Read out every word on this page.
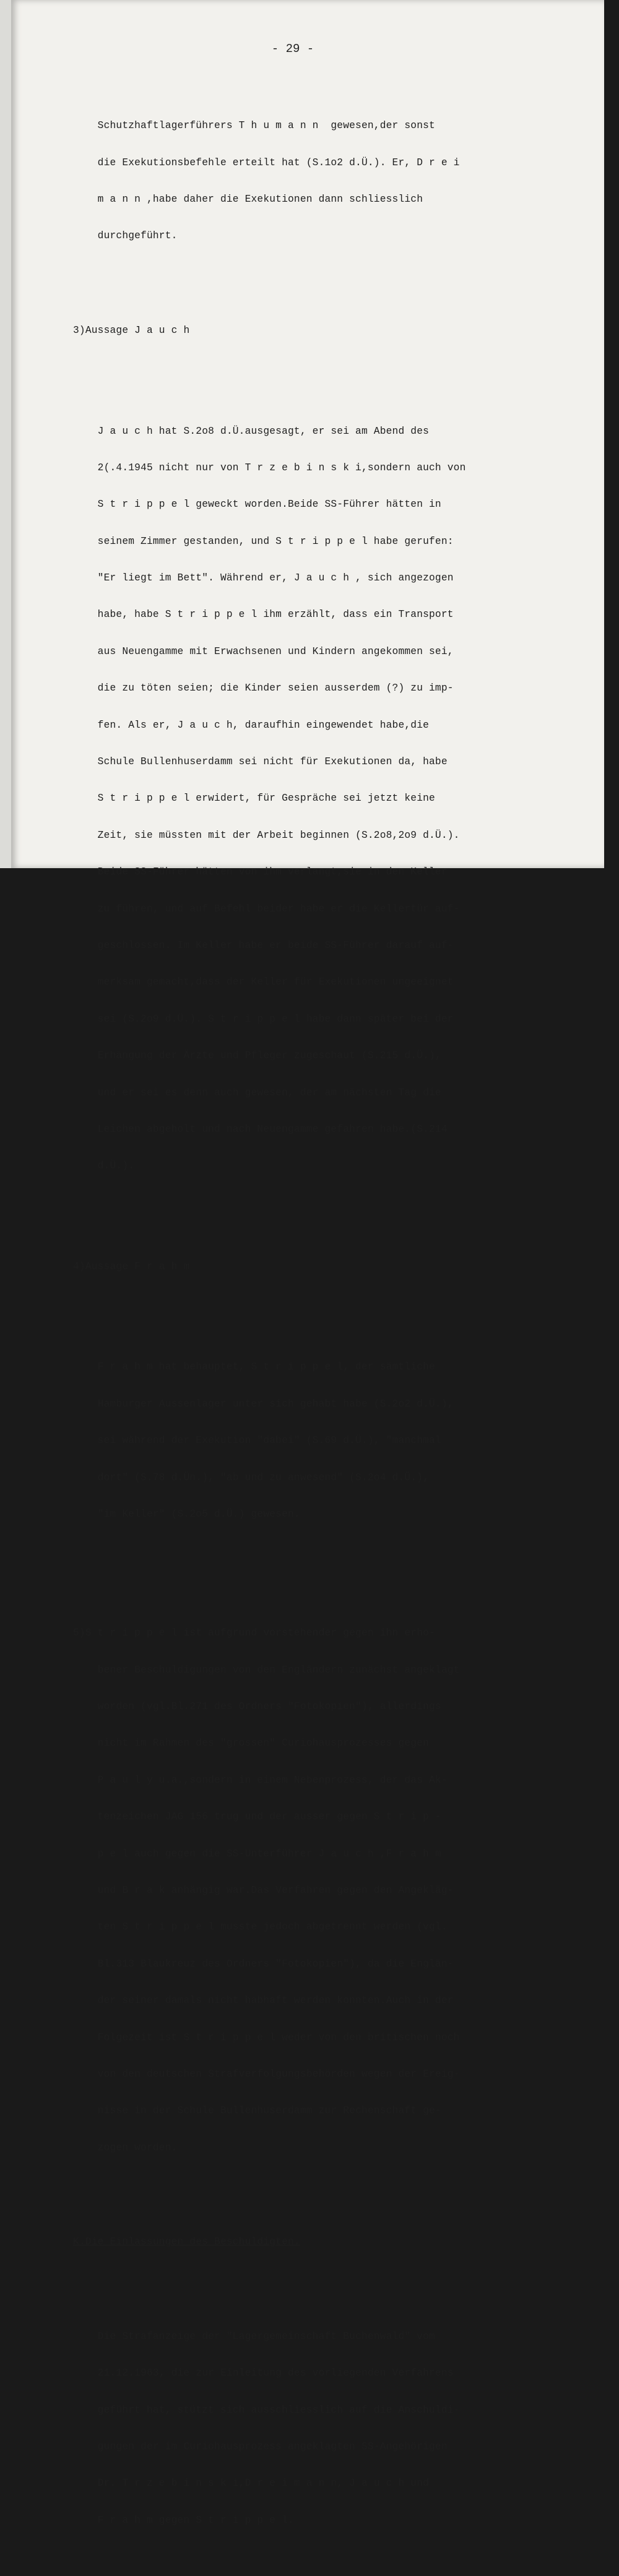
- 29 -

Schutzhaftlagerführers T h u m a n n  gewesen,der sonst

die Exekutionsbefehle erteilt hat (S.1o2 d.Ü.). Er, D r e i

m a n n ,habe daher die Exekutionen dann schliesslich

durchgeführt.

3)Aussage J a u c h

J a u c h hat S.2o8 d.Ü.ausgesagt, er sei am Abend des

2(.4.1945 nicht nur von T r z e b i n s k i,sondern auch von

S t r i p p e l geweckt worden.Beide SS-Führer hätten in

seinem Zimmer gestanden, und S t r i p p e l habe gerufen:

"Er liegt im Bett". Während er, J a u c h , sich angezogen

habe, habe S t r i p p e l ihm erzählt, dass ein Transport

aus Neuengamme mit Erwachsenen und Kindern angekommen sei,

die zu töten seien; die Kinder seien ausserdem (?) zu imp-

fen. Als er, J a u c h, daraufhin eingewendet habe,die

Schule Bullenhuserdamm sei nicht für Exekutionen da, habe

S t r i p p e l erwidert, für Gespräche sei jetzt keine

Zeit, sie müssten mit der Arbeit beginnen (S.2o8,2o9 d.Ü.).

Beide SS-Führer hätten von ihm verlangt,sie in den Keller

zu führen, und auf Befehl beider habe er die Kellertür auf-

geschlossen. Im Keller habe er beide SS-Führer darauf auf-

merksam gemacht,dass der Keller für Exekutionen ungeeignet

sei (S.2o9 d.Ü.). S t r i p p e l habe dann später bei der

Erhängung der Ärzte und Pfleger zugeschaut (S.215 d.Ü.),

und er sei es denn auch gewesen, der am nächsten Tag die

Leichen abgeholt und nach Neuengamme gefahren habe.(S.214

d.Ü.).

4)Aussage F r a h m

F r a h m hat behauptet, S t r i p p e l, der sämtliche

Hamburger Aussenlager unter sich gehabt habe (S.2o2 d.Ü.),

sei während der Exekution "dabei" (S.69 d.Ü.), "manchmal

dort" (S.78 d.Ün.), "ab und zu anwesend" (S.2o4 d.Ü.),

"im Keller" (S.2o5 d.Ü.) gewesen.

5)S t r i p p e l ist aufgrund vorstehender gegen ihn erho-

bener Beschuldigungen von den Engländern zunächst angeklagt

worden (vgl.Bl.271 des Ordners "Fotokopien"), allerdings

nicht im Rahmen des "grossen" Curiohausprozesses gegen

P a u l y u.a.,sondern in einem Nebenprozess, der das Ak-

tenzeichen JAG 156 trug und der ausser gegen S t r i p -

p e l auch gegen die SS-Unterführer J a u c h ,F r a h m

und B r a k anhängig war.Das Verfahren gegen den Angekläg-

ten S t r i p p e l musste jedoch abgetrennt werden (vgl.

Bl.313 Blaukreuz des Ordners "Fotokopien"), da die Englän-

der seiner damals nicht habhaft werden konnten.Auch in der

Folgezeit ist S t r i p p e l weder von den britischen noch

von den deutschen Strafverfolgungsbehörden wegen der Ereig-

nisse in der Schule Bullenhuserdamm zur Rechenschaft ge-

zogen worden.

K.Die Einlassungen des Beschuldigten.

Die Strafanzeige der "Lagergemeinschaft Buchenwald" vom

21.12.1963, die zur Einleitung des vorliegenden Verfahrens

geführt hat, stützt sich ausschliesslich auf die Anschuldi-

gungen der im Curiohausprozess angeklagten SS-Angehörigen

Dr. T r z e b i n s k i,D r e i m a n n, J a u c h und

F r a h m gegen S t r i p p e l.
